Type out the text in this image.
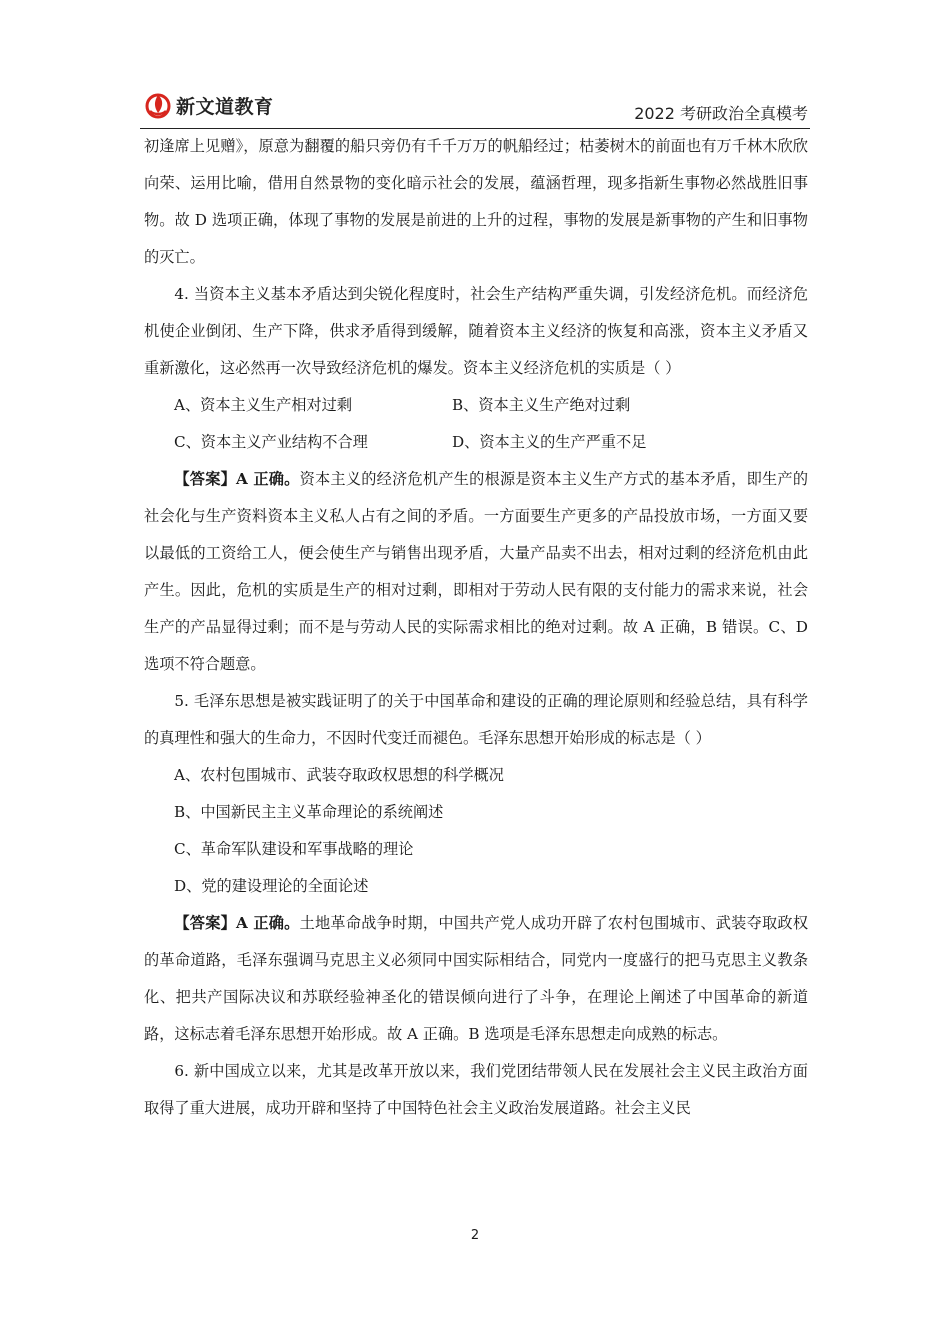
新文道教育	2022 考研政治全真模考
初逢席上见赠》，原意为翻覆的船只旁仍有千千万万的帆船经过；枯萎树木的前面也有万千林木欣欣向荣、运用比喻，借用自然景物的变化暗示社会的发展，蕴涵哲理，现多指新生事物必然战胜旧事物。故 D 选项正确，体现了事物的发展是前进的上升的过程，事物的发展是新事物的产生和旧事物的灭亡。
4. 当资本主义基本矛盾达到尖锐化程度时，社会生产结构严重失调，引发经济危机。而经济危机使企业倒闭、生产下降，供求矛盾得到缓解，随着资本主义经济的恢复和高涨，资本主义矛盾又重新激化，这必然再一次导致经济危机的爆发。资本主义经济危机的实质是（ ）
A、资本主义生产相对过剩	B、资本主义生产绝对过剩
C、资本主义产业结构不合理	D、资本主义的生产严重不足
【答案】A 正确。资本主义的经济危机产生的根源是资本主义生产方式的基本矛盾，即生产的社会化与生产资料资本主义私人占有之间的矛盾。一方面要生产更多的产品投放市场，一方面又要以最低的工资给工人，便会使生产与销售出现矛盾，大量产品卖不出去，相对过剩的经济危机由此产生。因此，危机的实质是生产的相对过剩，即相对于劳动人民有限的支付能力的需求来说，社会生产的产品显得过剩；而不是与劳动人民的实际需求相比的绝对过剩。故 A 正确，B 错误。C、D 选项不符合题意。
5. 毛泽东思想是被实践证明了的关于中国革命和建设的正确的理论原则和经验总结，具有科学的真理性和强大的生命力，不因时代变迁而褪色。毛泽东思想开始形成的标志是（ ）
A、农村包围城市、武装夺取政权思想的科学概况
B、中国新民主主义革命理论的系统阐述
C、革命军队建设和军事战略的理论
D、党的建设理论的全面论述
【答案】A 正确。土地革命战争时期，中国共产党人成功开辟了农村包围城市、武装夺取政权的革命道路，毛泽东强调马克思主义必须同中国实际相结合，同党内一度盛行的把马克思主义教条化、把共产国际决议和苏联经验神圣化的错误倾向进行了斗争，在理论上阐述了中国革命的新道路，这标志着毛泽东思想开始形成。故 A 正确。B 选项是毛泽东思想走向成熟的标志。
6. 新中国成立以来，尤其是改革开放以来，我们党团结带领人民在发展社会主义民主政治方面取得了重大进展，成功开辟和坚持了中国特色社会主义政治发展道路。社会主义民
2
